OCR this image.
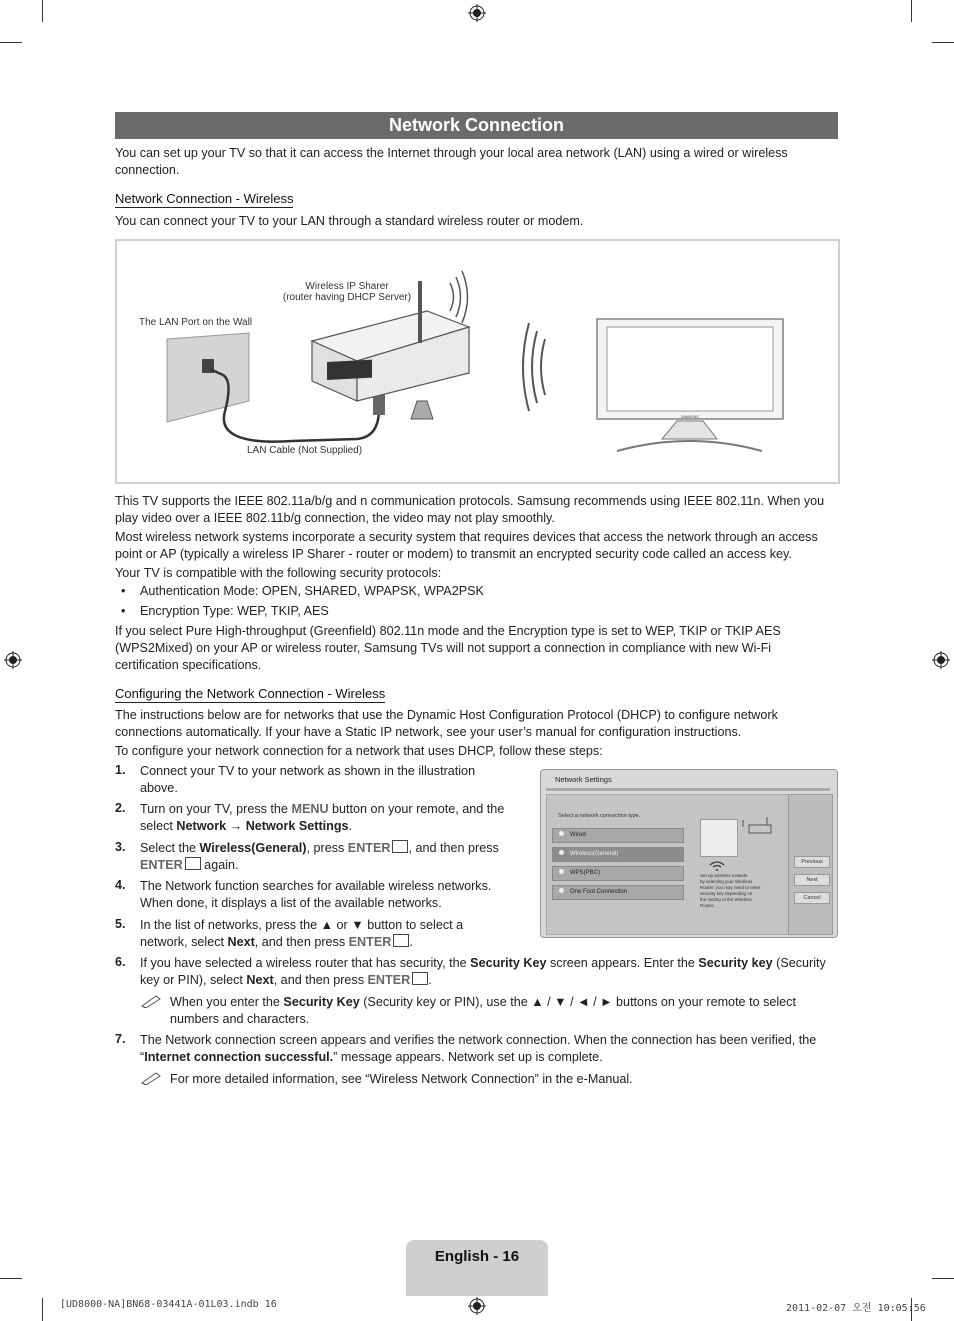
Network Connection
You can set up your TV so that it can access the Internet through your local area network (LAN) using a wired or wireless connection.
Network Connection - Wireless
You can connect your TV to your LAN through a standard wireless router or modem.
The LAN Port on the Wall
Wireless IP Sharer
(router having DHCP Server)
LAN Cable (Not Supplied)
SAMSUNG
This TV supports the IEEE 802.11a/b/g and n communication protocols. Samsung recommends using IEEE 802.11n. When you play video over a IEEE 802.11b/g connection, the video may not play smoothly.
Most wireless network systems incorporate a security system that requires devices that access the network through an access point or AP (typically a wireless IP Sharer - router or modem) to transmit an encrypted security code called an access key.
Your TV is compatible with the following security protocols:
• Authentication Mode: OPEN, SHARED, WPAPSK, WPA2PSK
• Encryption Type: WEP, TKIP, AES
If you select Pure High-throughput (Greenfield) 802.11n mode and the Encryption type is set to WEP, TKIP or TKIP AES (WPS2Mixed) on your AP or wireless router, Samsung TVs will not support a connection in compliance with new Wi-Fi certification specifications.
Configuring the Network Connection - Wireless
The instructions below are for networks that use the Dynamic Host Configuration Protocol (DHCP) to configure network connections automatically. If your have a Static IP network, see your user’s manual for configuration instructions.
To configure your network connection for a network that uses DHCP, follow these steps:
1. Connect your TV to your network as shown in the illustration above.
2. Turn on your TV, press the MENU button on your remote, and the select Network → Network Settings.
3. Select the Wireless(General), press ENTER , and then press ENTER again.
4. The Network function searches for available wireless networks. When done, it displays a list of the available networks.
5. In the list of networks, press the ▲ or ▼ button to select a network, select Next, and then press ENTER .
6. If you have selected a wireless router that has security, the Security Key screen appears. Enter the Security key (Security key or PIN), select Next, and then press ENTER .
When you enter the Security Key (Security key or PIN), use the ▲ / ▼ / ◄ / ► buttons on your remote to select numbers and characters.
7. The Network connection screen appears and verifies the network connection. When the connection has been verified, the “Internet connection successful.” message appears. Network set up is complete.
For more detailed information, see “Wireless Network Connection” in the e-Manual.
Network Settings
Select a network connection type.
Wired
Wireless(General)
WPS(PBC)
One Foot Connection
Set up wireless network
by selecting your Wireless
Router. you may need to enter
security key depending on
the setting of the Wireless
Router.
Previous
Next
Cancel
English - 16
[UD8000-NA]BN68-03441A-01L03.indb 16	2011-02-07 오전 10:05:56
